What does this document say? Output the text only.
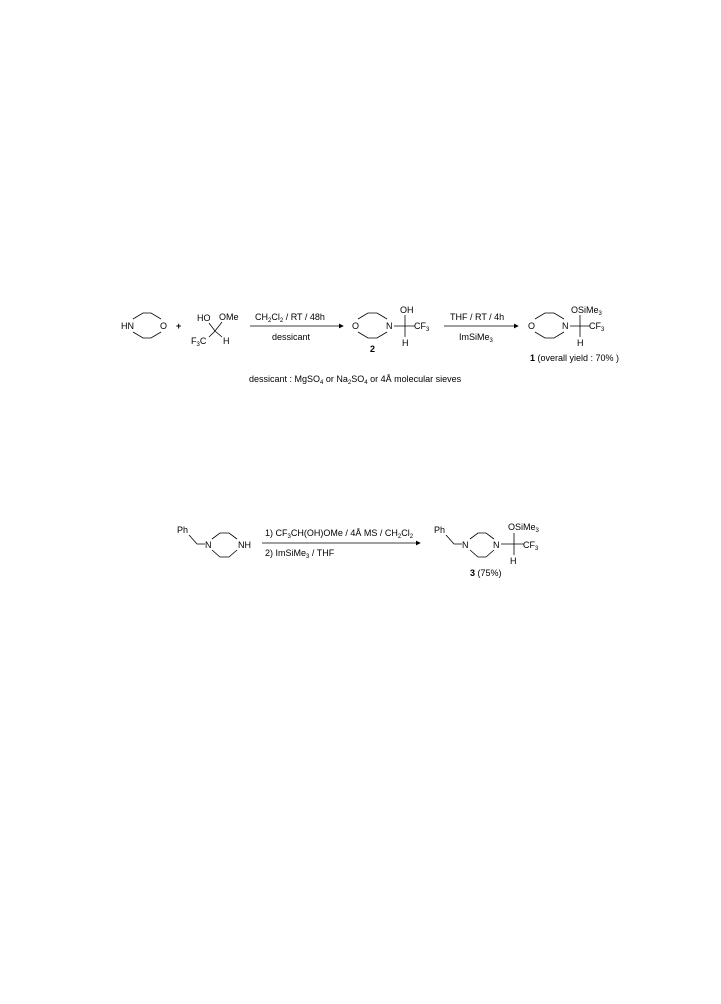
HN	O +
HO OMe
$F_3C$ H
$CH_2Cl_2$ / RT / 48h
dessicant
O	N
OH
$CF_3$
H
2
THF / RT / 4h
ImSiMe$_3$
O	N
OSiMe$_3$
$CF_3$
H
1 (overall yield : 70% )
dessicant : MgSO$_4$ or $Na_2SO_4$ or 4Å molecular sieves
Ph
N	NH
1) $CF_3CH(OH)OMe$ / 4Å MS / $CH_2Cl_2$
2) ImSiMe$_3$ / THF
Ph
N	N
OSiMe$_3$
$CF_3$
H
3 (75%)
